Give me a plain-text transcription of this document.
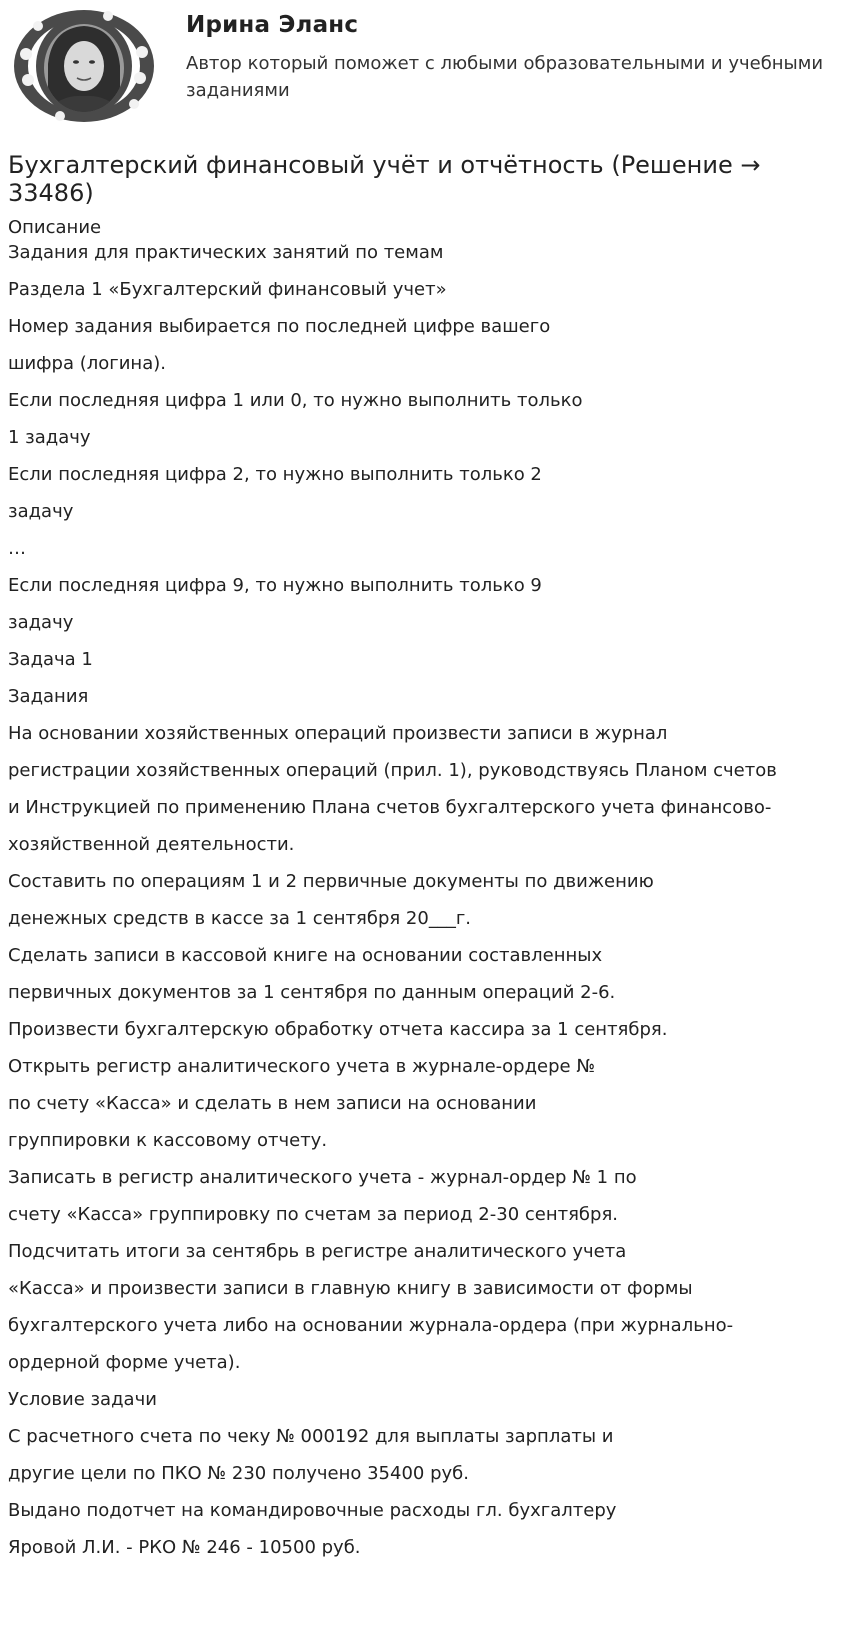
Ирина Эланс
Автор который поможет с любыми образовательными и учебными заданиями
Бухгалтерский финансовый учёт и отчётность (Решение → 33486)
Описание
Задания для практических занятий по темам
Раздела 1 «Бухгалтерский финансовый учет»
Номер задания выбирается по последней цифре вашего
шифра (логина).
Если последняя цифра 1 или 0, то нужно выполнить только
1 задачу
Если последняя цифра 2, то нужно выполнить только 2
задачу
…
Если последняя цифра 9, то нужно выполнить только 9
задачу
Задача 1
Задания
На основании хозяйственных операций произвести записи в журнал
регистрации хозяйственных операций (прил. 1), руководствуясь Планом счетов
и Инструкцией по применению Плана счетов бухгалтерского учета финансово-
хозяйственной деятельности.
Составить по операциям 1 и 2 первичные документы по движению
денежных средств в кассе за 1 сентября 20___г.
Сделать записи в кассовой книге на основании составленных
первичных документов за 1 сентября по данным операций 2-6.
Произвести бухгалтерскую обработку отчета кассира за 1 сентября.
Открыть регистр аналитического учета в журнале-ордере №
по счету «Касса» и сделать в нем записи на основании
группировки к кассовому отчету.
Записать в регистр аналитического учета - журнал-ордер № 1 по
счету «Касса» группировку по счетам за период 2-30 сентября.
Подсчитать итоги за сентябрь в регистре аналитического учета
«Касса» и произвести записи в главную книгу в зависимости от формы
бухгалтерского учета либо на основании журнала-ордера (при журнально-
ордерной форме учета).
Условие задачи
С расчетного счета по чеку № 000192 для выплаты зарплаты и
другие цели по ПКО № 230 получено 35400 руб.
Выдано подотчет на командировочные расходы гл. бухгалтеру
Яровой Л.И. - РКО № 246 - 10500 руб.
